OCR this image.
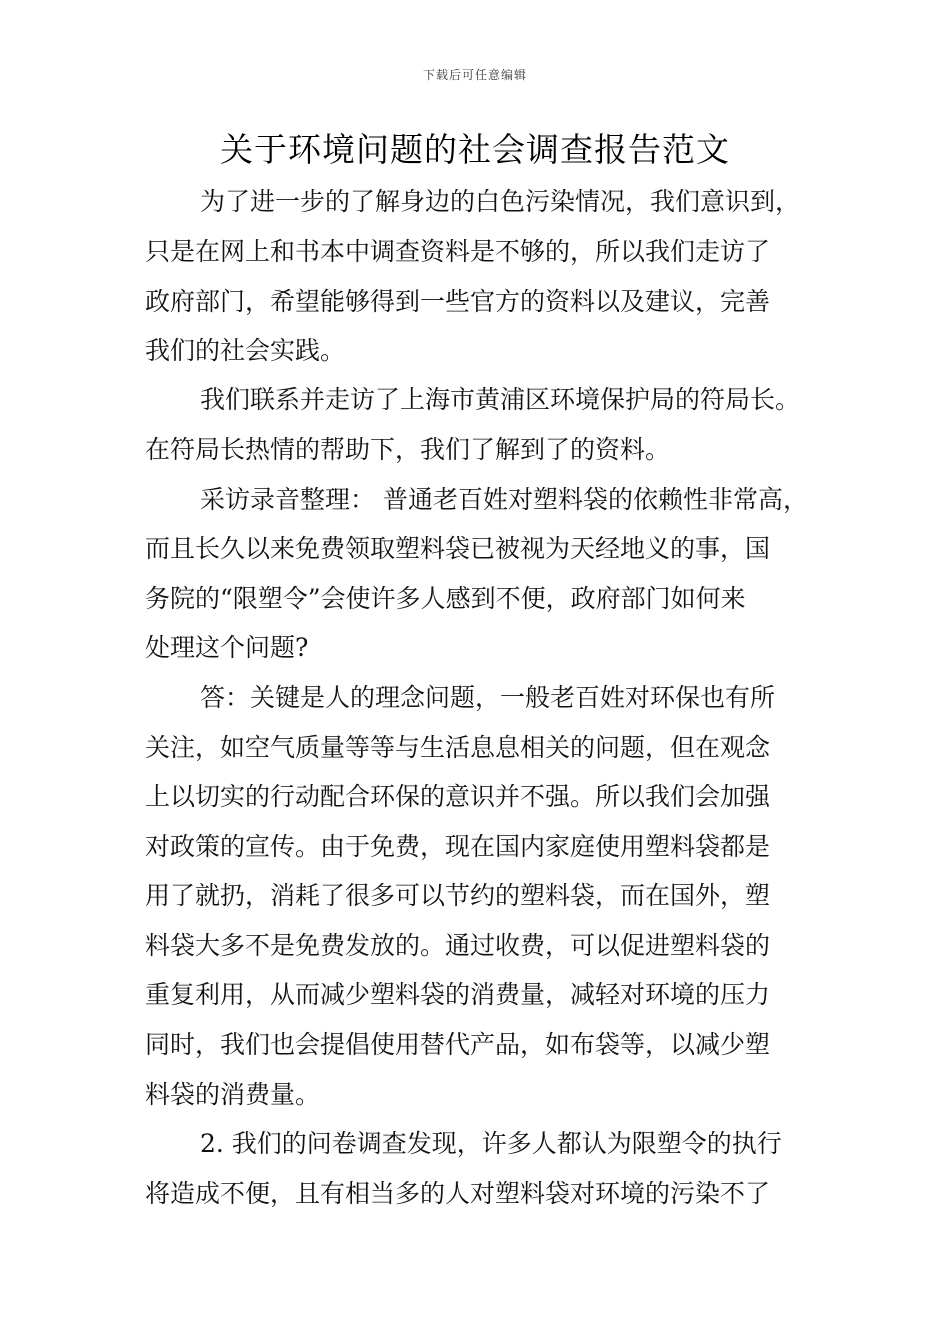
下载后可任意编辑
关于环境问题的社会调查报告范文
为了进一步的了解身边的白色污染情况，我们意识到，
只是在网上和书本中调查资料是不够的，所以我们走访了
政府部门，希望能够得到一些官方的资料以及建议，完善
我们的社会实践。
我们联系并走访了上海市黄浦区环境保护局的符局长。
在符局长热情的帮助下，我们了解到了的资料。
采访录音整理： 普通老百姓对塑料袋的依赖性非常高，
而且长久以来免费领取塑料袋已被视为天经地义的事，国
务院的“限塑令”会使许多人感到不便，政府部门如何来
处理这个问题?
答：关键是人的理念问题，一般老百姓对环保也有所
关注，如空气质量等等与生活息息相关的问题，但在观念
上以切实的行动配合环保的意识并不强。所以我们会加强
对政策的宣传。由于免费，现在国内家庭使用塑料袋都是
用了就扔，消耗了很多可以节约的塑料袋，而在国外，塑
料袋大多不是免费发放的。通过收费，可以促进塑料袋的
重复利用，从而减少塑料袋的消费量，减轻对环境的压力
同时，我们也会提倡使用替代产品，如布袋等，以减少塑
料袋的消费量。
2. 我们的问卷调查发现，许多人都认为限塑令的执行
将造成不便，且有相当多的人对塑料袋对环境的污染不了
